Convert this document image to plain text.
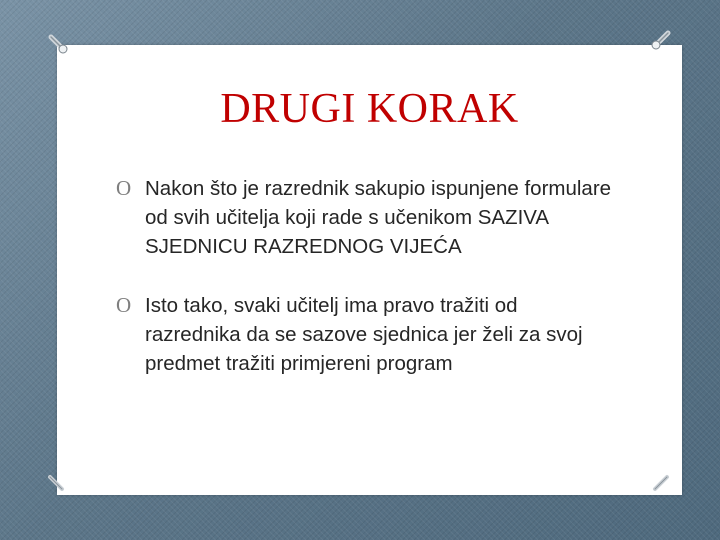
DRUGI KORAK
O Nakon što je razrednik sakupio ispunjene formulare od svih učitelja koji rade s učenikom SAZIVA SJEDNICU RAZREDNOG VIJEĆA
O Isto tako, svaki učitelj ima pravo tražiti od razrednika da se sazove sjednica jer želi za svoj predmet tražiti primjereni program
